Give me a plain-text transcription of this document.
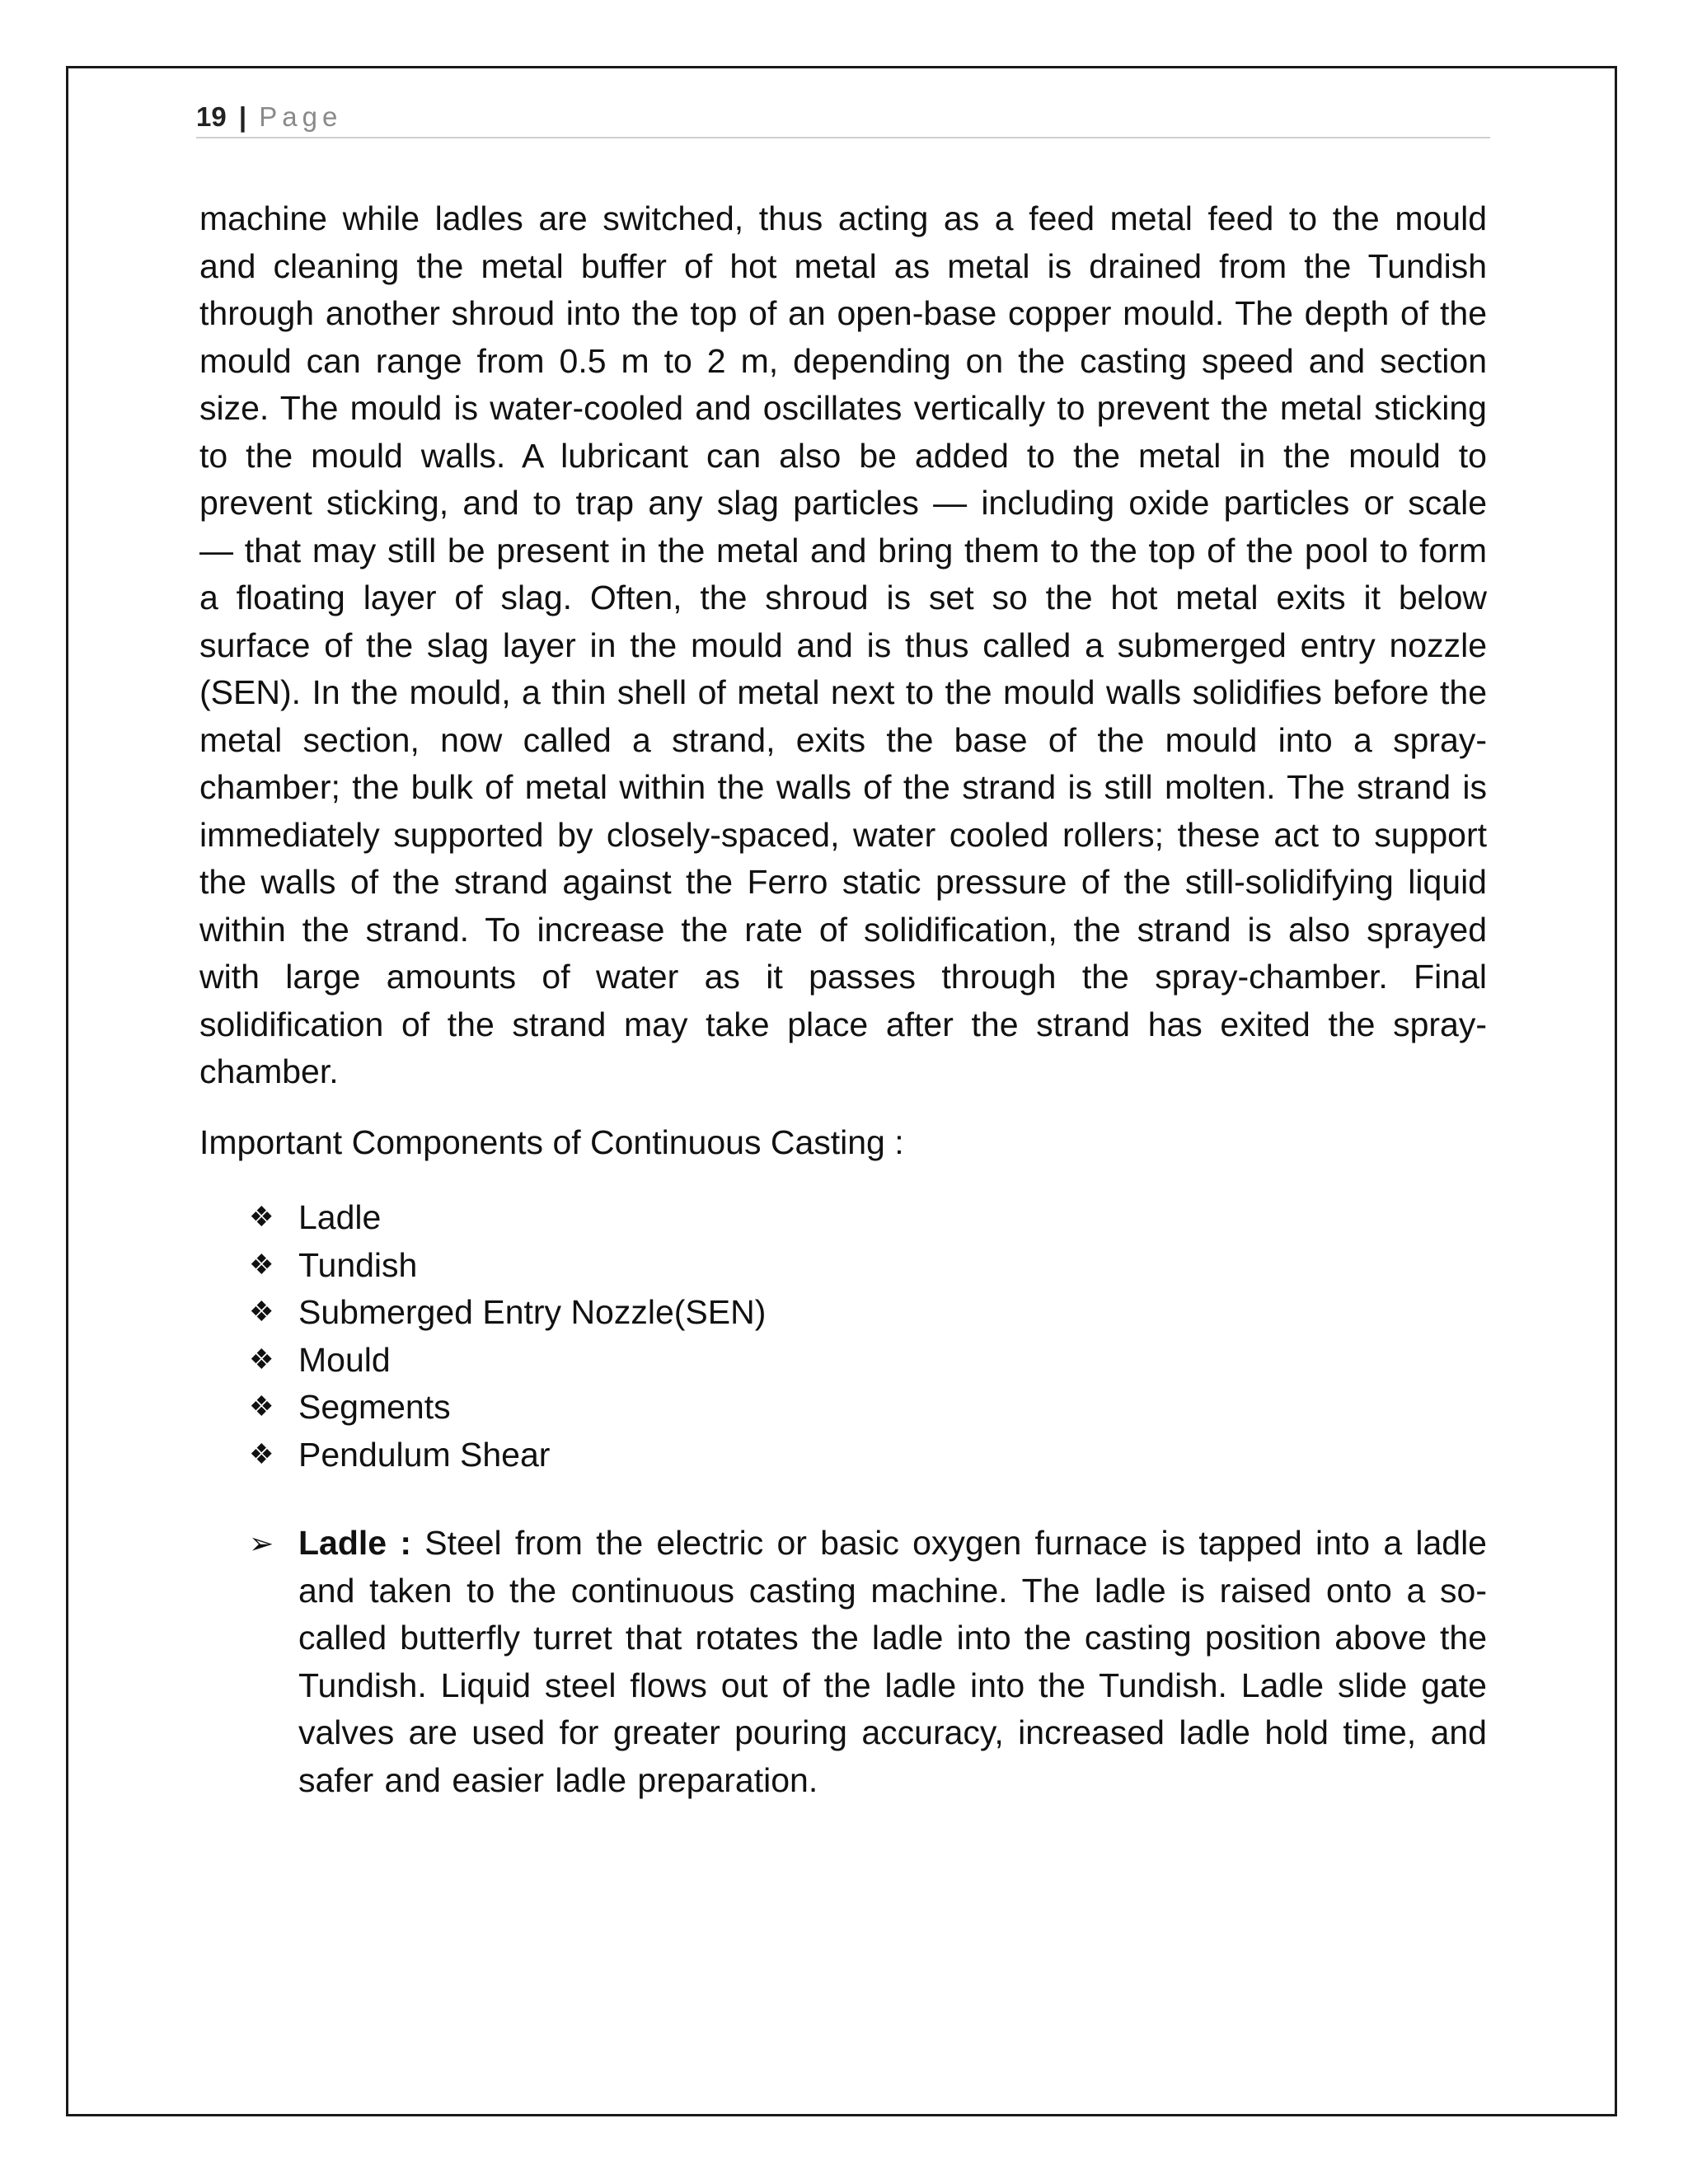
19 | Page

machine while ladles are switched, thus acting as a feed metal feed to the mould and cleaning the metal buffer of hot metal as metal is drained from the Tundish through another shroud into the top of an open-base copper mould. The depth of the mould can range from 0.5 m to 2 m, depending on the casting speed and section size. The mould is water-cooled and oscillates vertically to prevent the metal sticking to the mould walls. A lubricant can also be added to the metal in the mould to prevent sticking, and to trap any slag particles — including oxide particles or scale — that may still be present in the metal and bring them to the top of the pool to form a floating layer of slag. Often, the shroud is set so the hot metal exits it below surface of the slag layer in the mould and is thus called a submerged entry nozzle (SEN). In the mould, a thin shell of metal next to the mould walls solidifies before the metal section, now called a strand, exits the base of the mould into a spray-chamber; the bulk of metal within the walls of the strand is still molten. The strand is immediately supported by closely-spaced, water cooled rollers; these act to support the walls of the strand against the Ferro static pressure of the still-solidifying liquid within the strand. To increase the rate of solidification, the strand is also sprayed with large amounts of water as it passes through the spray-chamber. Final solidification of the strand may take place after the strand has exited the spray-chamber.

Important Components of Continuous Casting :

❖ Ladle
❖ Tundish
❖ Submerged Entry Nozzle(SEN)
❖ Mould
❖ Segments
❖ Pendulum Shear
➢ Ladle : Steel from the electric or basic oxygen furnace is tapped into a ladle and taken to the continuous casting machine. The ladle is raised onto a so-called butterfly turret that rotates the ladle into the casting position above the Tundish. Liquid steel flows out of the ladle into the Tundish. Ladle slide gate valves are used for greater pouring accuracy, increased ladle hold time, and safer and easier ladle preparation.
